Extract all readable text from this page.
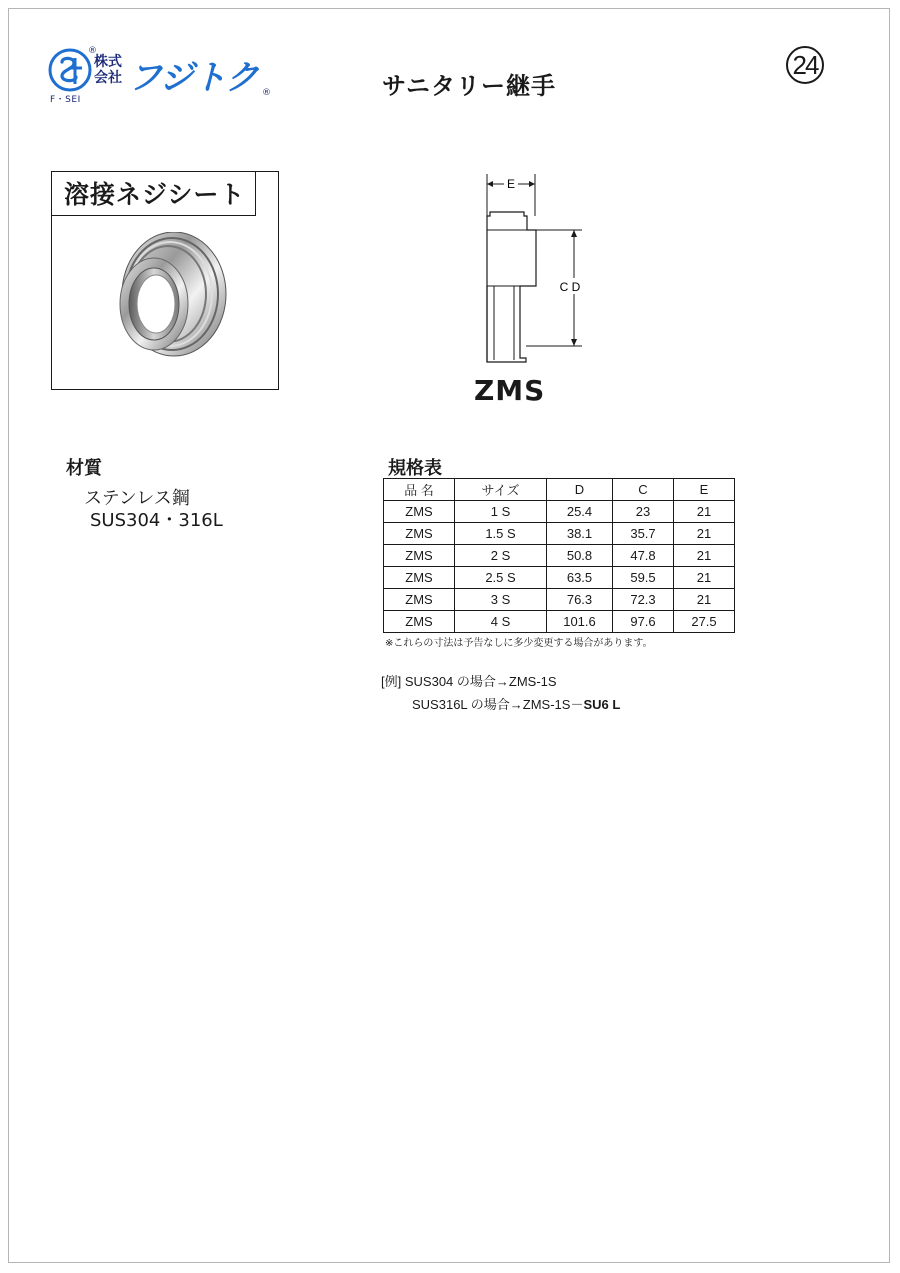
®
F・SEI
株式会社 フジトク ®	サニタリー継手
24
溶接ネジシート	E
C D
ZMS
材質
ステンレス鋼
SUS304・316L
規格表
品 名	サイズ	D	C	E
ZMS	1 S	25.4	23	21
ZMS	1.5 S	38.1	35.7	21
ZMS	2 S	50.8	47.8	21
ZMS	2.5 S	63.5	59.5	21
ZMS	3 S	76.3	72.3	21
ZMS	4 S	101.6	97.6	27.5
※これらの寸法は予告なしに多少変更する場合があります。
[例] SUS304 の場合→ZMS-1S
SUS316L の場合→ZMS-1S－SU6 L
